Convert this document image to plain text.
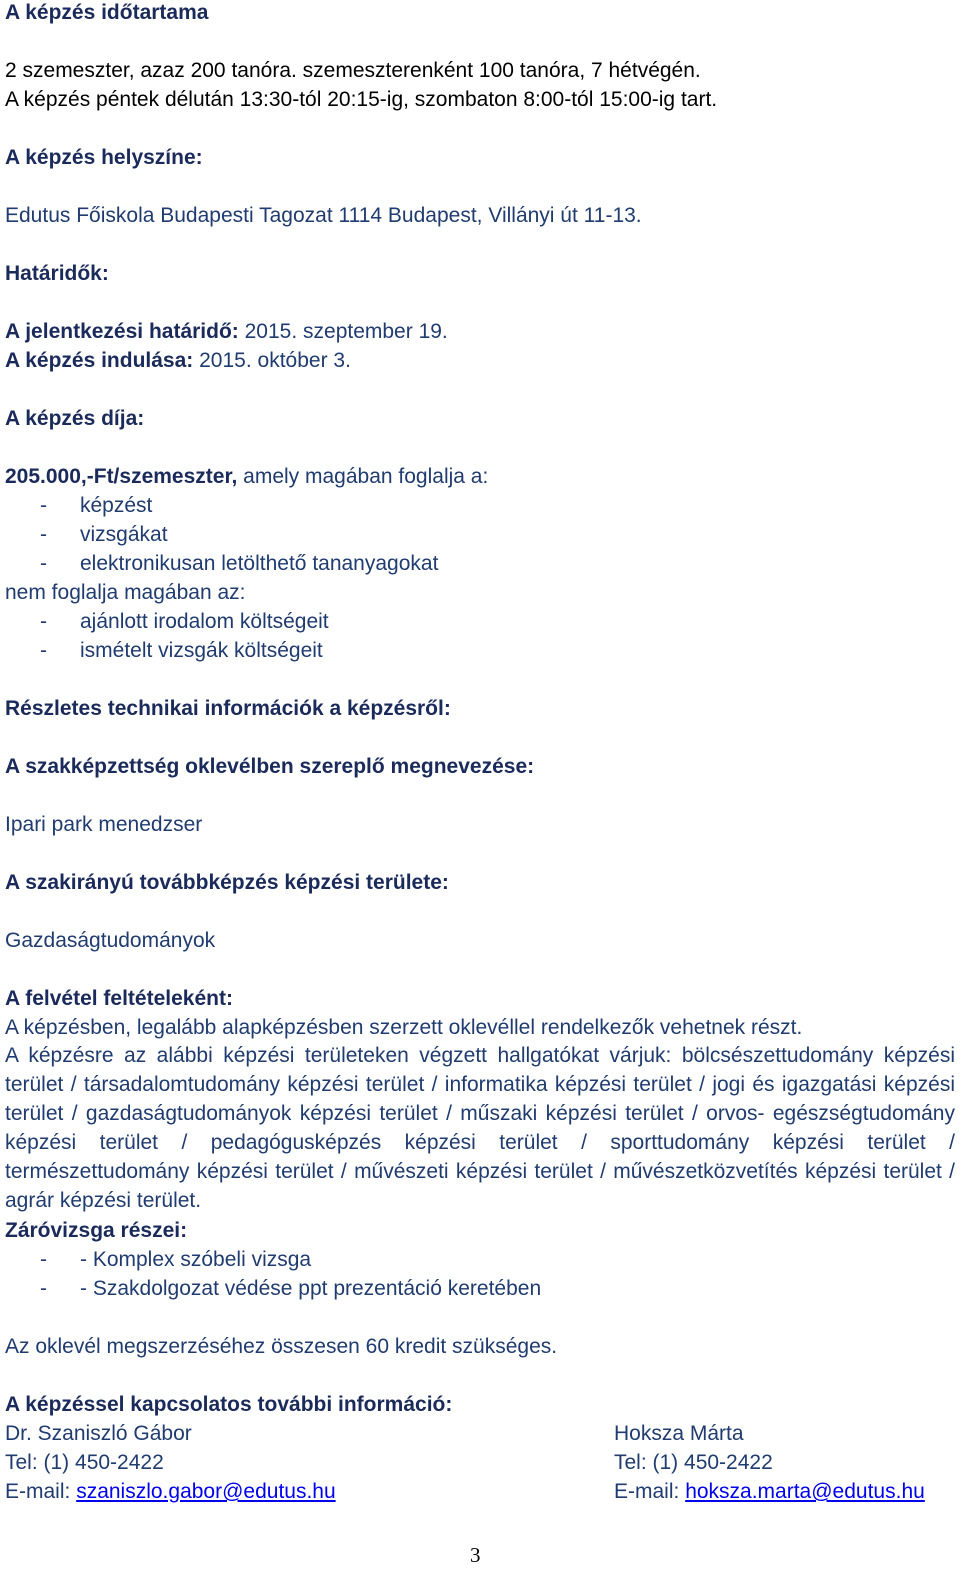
A képzés időtartama
2 szemeszter, azaz 200 tanóra. szemeszterenként 100 tanóra, 7 hétvégén.
A képzés péntek délután 13:30-tól 20:15-ig, szombaton 8:00-tól 15:00-ig tart.
A képzés helyszíne:
Edutus Főiskola Budapesti Tagozat 1114 Budapest, Villányi út 11-13.
Határidők:
A jelentkezési határidő: 2015. szeptember 19.
A képzés indulása: 2015. október 3.
A képzés díja:
205.000,-Ft/szemeszter, amely magában foglalja a:
- képzést
- vizsgákat
- elektronikusan letölthető tananyagokat
nem foglalja magában az:
- ajánlott irodalom költségeit
- ismételt vizsgák költségeit
Részletes technikai információk a képzésről:
A szakképzettség oklevélben szereplő megnevezése:
Ipari park menedzser
A szakirányú továbbképzés képzési területe:
Gazdaságtudományok
A felvétel feltételeként:
A képzésben, legalább alapképzésben szerzett oklevéllel rendelkezők vehetnek részt.
A képzésre az alábbi képzési területeken végzett hallgatókat várjuk: bölcsészettudomány képzési terület / társadalomtudomány képzési terület / informatika képzési terület / jogi és igazgatási képzési terület / gazdaságtudományok képzési terület / műszaki képzési terület / orvos- egészségtudomány képzési terület / pedagógusképzés képzési terület / sporttudomány képzési terület / természettudomány képzési terület / művészeti képzési terület / művészetközvetítés képzési terület / agrár képzési terület.
Záróvizsga részei:
- - Komplex szóbeli vizsga
- - Szakdolgozat védése ppt prezentáció keretében
Az oklevél megszerzéséhez összesen 60 kredit szükséges.
A képzéssel kapcsolatos további információ:
Dr. Szaniszló Gábor
Tel: (1) 450-2422
E-mail: szaniszlo.gabor@edutus.hu
Hoksza Márta
Tel: (1) 450-2422
E-mail: hoksza.marta@edutus.hu
3
